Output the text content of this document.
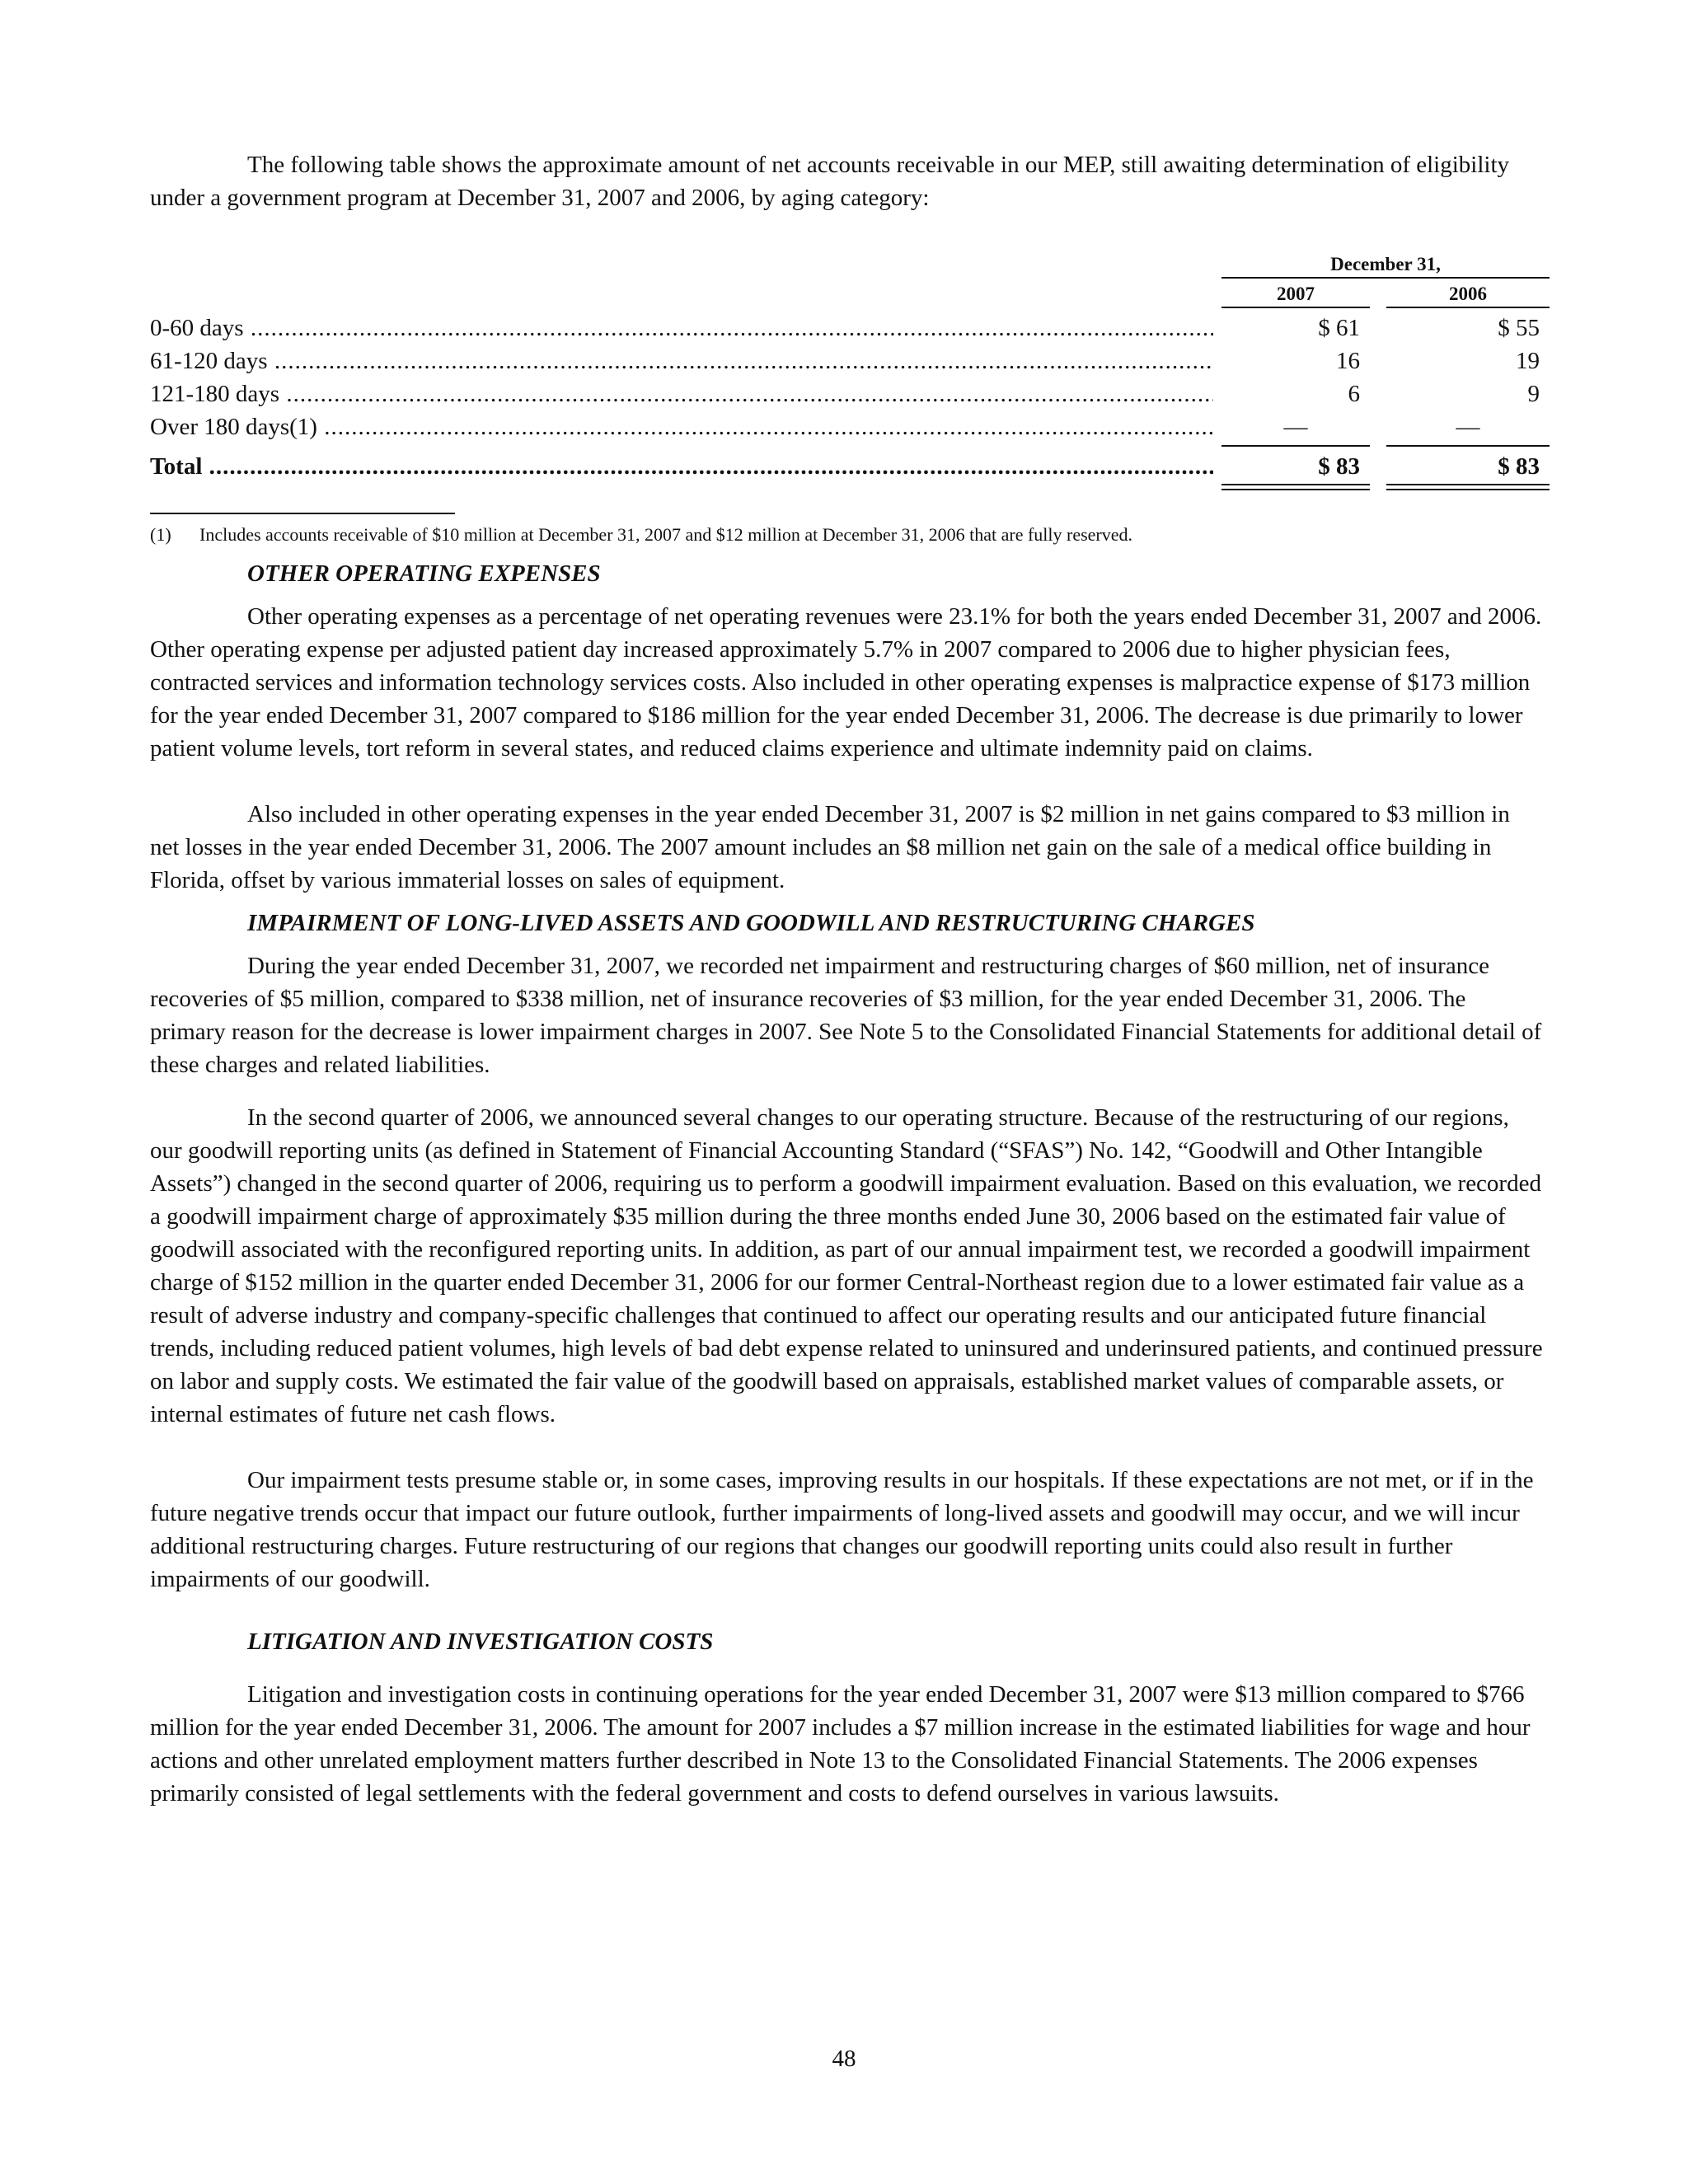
The following table shows the approximate amount of net accounts receivable in our MEP, still awaiting determination of eligibility under a government program at December 31, 2007 and 2006, by aging category:

December 31,
2007	2006
0-60 days .....	$ 61	$ 55
61-120 days .....	16	19
121-180 days .....	6	9
Over 180 days(1) .....	—	—
Total .....	$ 83	$ 83
(1)	Includes accounts receivable of $10 million at December 31, 2007 and $12 million at December 31, 2006 that are fully reserved.
OTHER OPERATING EXPENSES

Other operating expenses as a percentage of net operating revenues were 23.1% for both the years ended December 31, 2007 and 2006. Other operating expense per adjusted patient day increased approximately 5.7% in 2007 compared to 2006 due to higher physician fees, contracted services and information technology services costs. Also included in other operating expenses is malpractice expense of $173 million for the year ended December 31, 2007 compared to $186 million for the year ended December 31, 2006. The decrease is due primarily to lower patient volume levels, tort reform in several states, and reduced claims experience and ultimate indemnity paid on claims.

Also included in other operating expenses in the year ended December 31, 2007 is $2 million in net gains compared to $3 million in net losses in the year ended December 31, 2006. The 2007 amount includes an $8 million net gain on the sale of a medical office building in Florida, offset by various immaterial losses on sales of equipment.

IMPAIRMENT OF LONG-LIVED ASSETS AND GOODWILL AND RESTRUCTURING CHARGES

During the year ended December 31, 2007, we recorded net impairment and restructuring charges of $60 million, net of insurance recoveries of $5 million, compared to $338 million, net of insurance recoveries of $3 million, for the year ended December 31, 2006. The primary reason for the decrease is lower impairment charges in 2007. See Note 5 to the Consolidated Financial Statements for additional detail of these charges and related liabilities.

In the second quarter of 2006, we announced several changes to our operating structure. Because of the restructuring of our regions, our goodwill reporting units (as defined in Statement of Financial Accounting Standard (“SFAS”) No. 142, “Goodwill and Other Intangible Assets”) changed in the second quarter of 2006, requiring us to perform a goodwill impairment evaluation. Based on this evaluation, we recorded a goodwill impairment charge of approximately $35 million during the three months ended June 30, 2006 based on the estimated fair value of goodwill associated with the reconfigured reporting units. In addition, as part of our annual impairment test, we recorded a goodwill impairment charge of $152 million in the quarter ended December 31, 2006 for our former Central-Northeast region due to a lower estimated fair value as a result of adverse industry and company-specific challenges that continued to affect our operating results and our anticipated future financial trends, including reduced patient volumes, high levels of bad debt expense related to uninsured and underinsured patients, and continued pressure on labor and supply costs. We estimated the fair value of the goodwill based on appraisals, established market values of comparable assets, or internal estimates of future net cash flows.

Our impairment tests presume stable or, in some cases, improving results in our hospitals. If these expectations are not met, or if in the future negative trends occur that impact our future outlook, further impairments of long-lived assets and goodwill may occur, and we will incur additional restructuring charges. Future restructuring of our regions that changes our goodwill reporting units could also result in further impairments of our goodwill.

LITIGATION AND INVESTIGATION COSTS

Litigation and investigation costs in continuing operations for the year ended December 31, 2007 were $13 million compared to $766 million for the year ended December 31, 2006. The amount for 2007 includes a $7 million increase in the estimated liabilities for wage and hour actions and other unrelated employment matters further described in Note 13 to the Consolidated Financial Statements. The 2006 expenses primarily consisted of legal settlements with the federal government and costs to defend ourselves in various lawsuits.

48
